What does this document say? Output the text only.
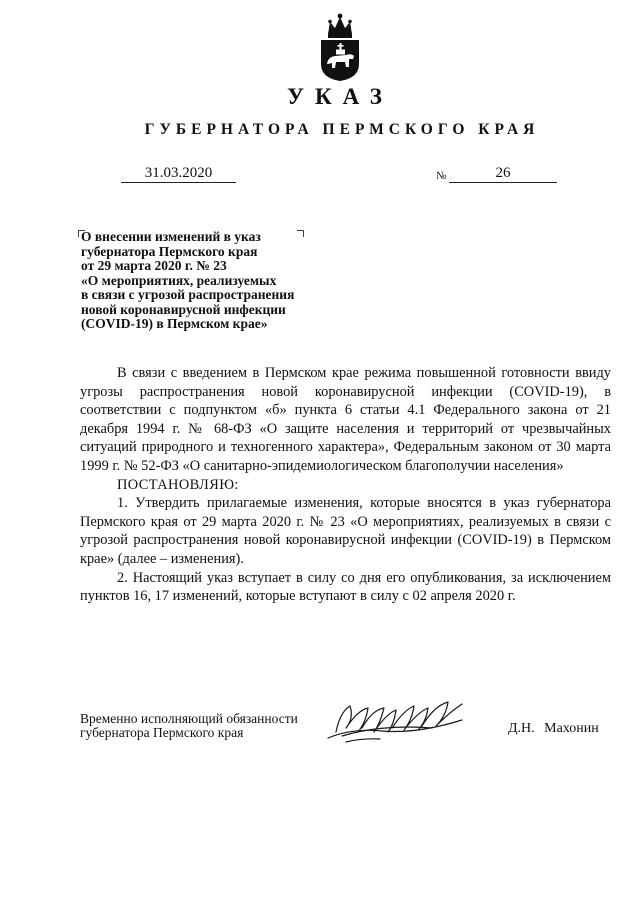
УКАЗ
ГУБЕРНАТОРА ПЕРМСКОГО КРАЯ
31.03.2020	№	26
О внесении изменений в указ
губернатора Пермского края
от 29 марта 2020 г. № 23
«О мероприятиях, реализуемых
в связи с угрозой распространения
новой коронавирусной инфекции
(COVID-19) в Пермском крае»

В связи с введением в Пермском крае режима повышенной готовности ввиду угрозы распространения новой коронавирусной инфекции (COVID-19), в соответствии с подпунктом «б» пункта 6 статьи 4.1 Федерального закона от 21 декабря 1994 г. № 68-ФЗ «О защите населения и территорий от чрезвычайных ситуаций природного и техногенного характера», Федеральным законом от 30 марта 1999 г. № 52-ФЗ «О санитарно-эпидемиологическом благополучии населения»

ПОСТАНОВЛЯЮ:

1. Утвердить прилагаемые изменения, которые вносятся в указ губернатора Пермского края от 29 марта 2020 г. № 23 «О мероприятиях, реализуемых в связи с угрозой распространения новой коронавирусной инфекции (COVID-19) в Пермском крае» (далее – изменения).

2. Настоящий указ вступает в силу со дня его опубликования, за исключением пунктов 16, 17 изменений, которые вступают в силу с 02 апреля 2020 г.

Временно исполняющий обязанности
губернатора Пермского края	Д.Н. Махонин
